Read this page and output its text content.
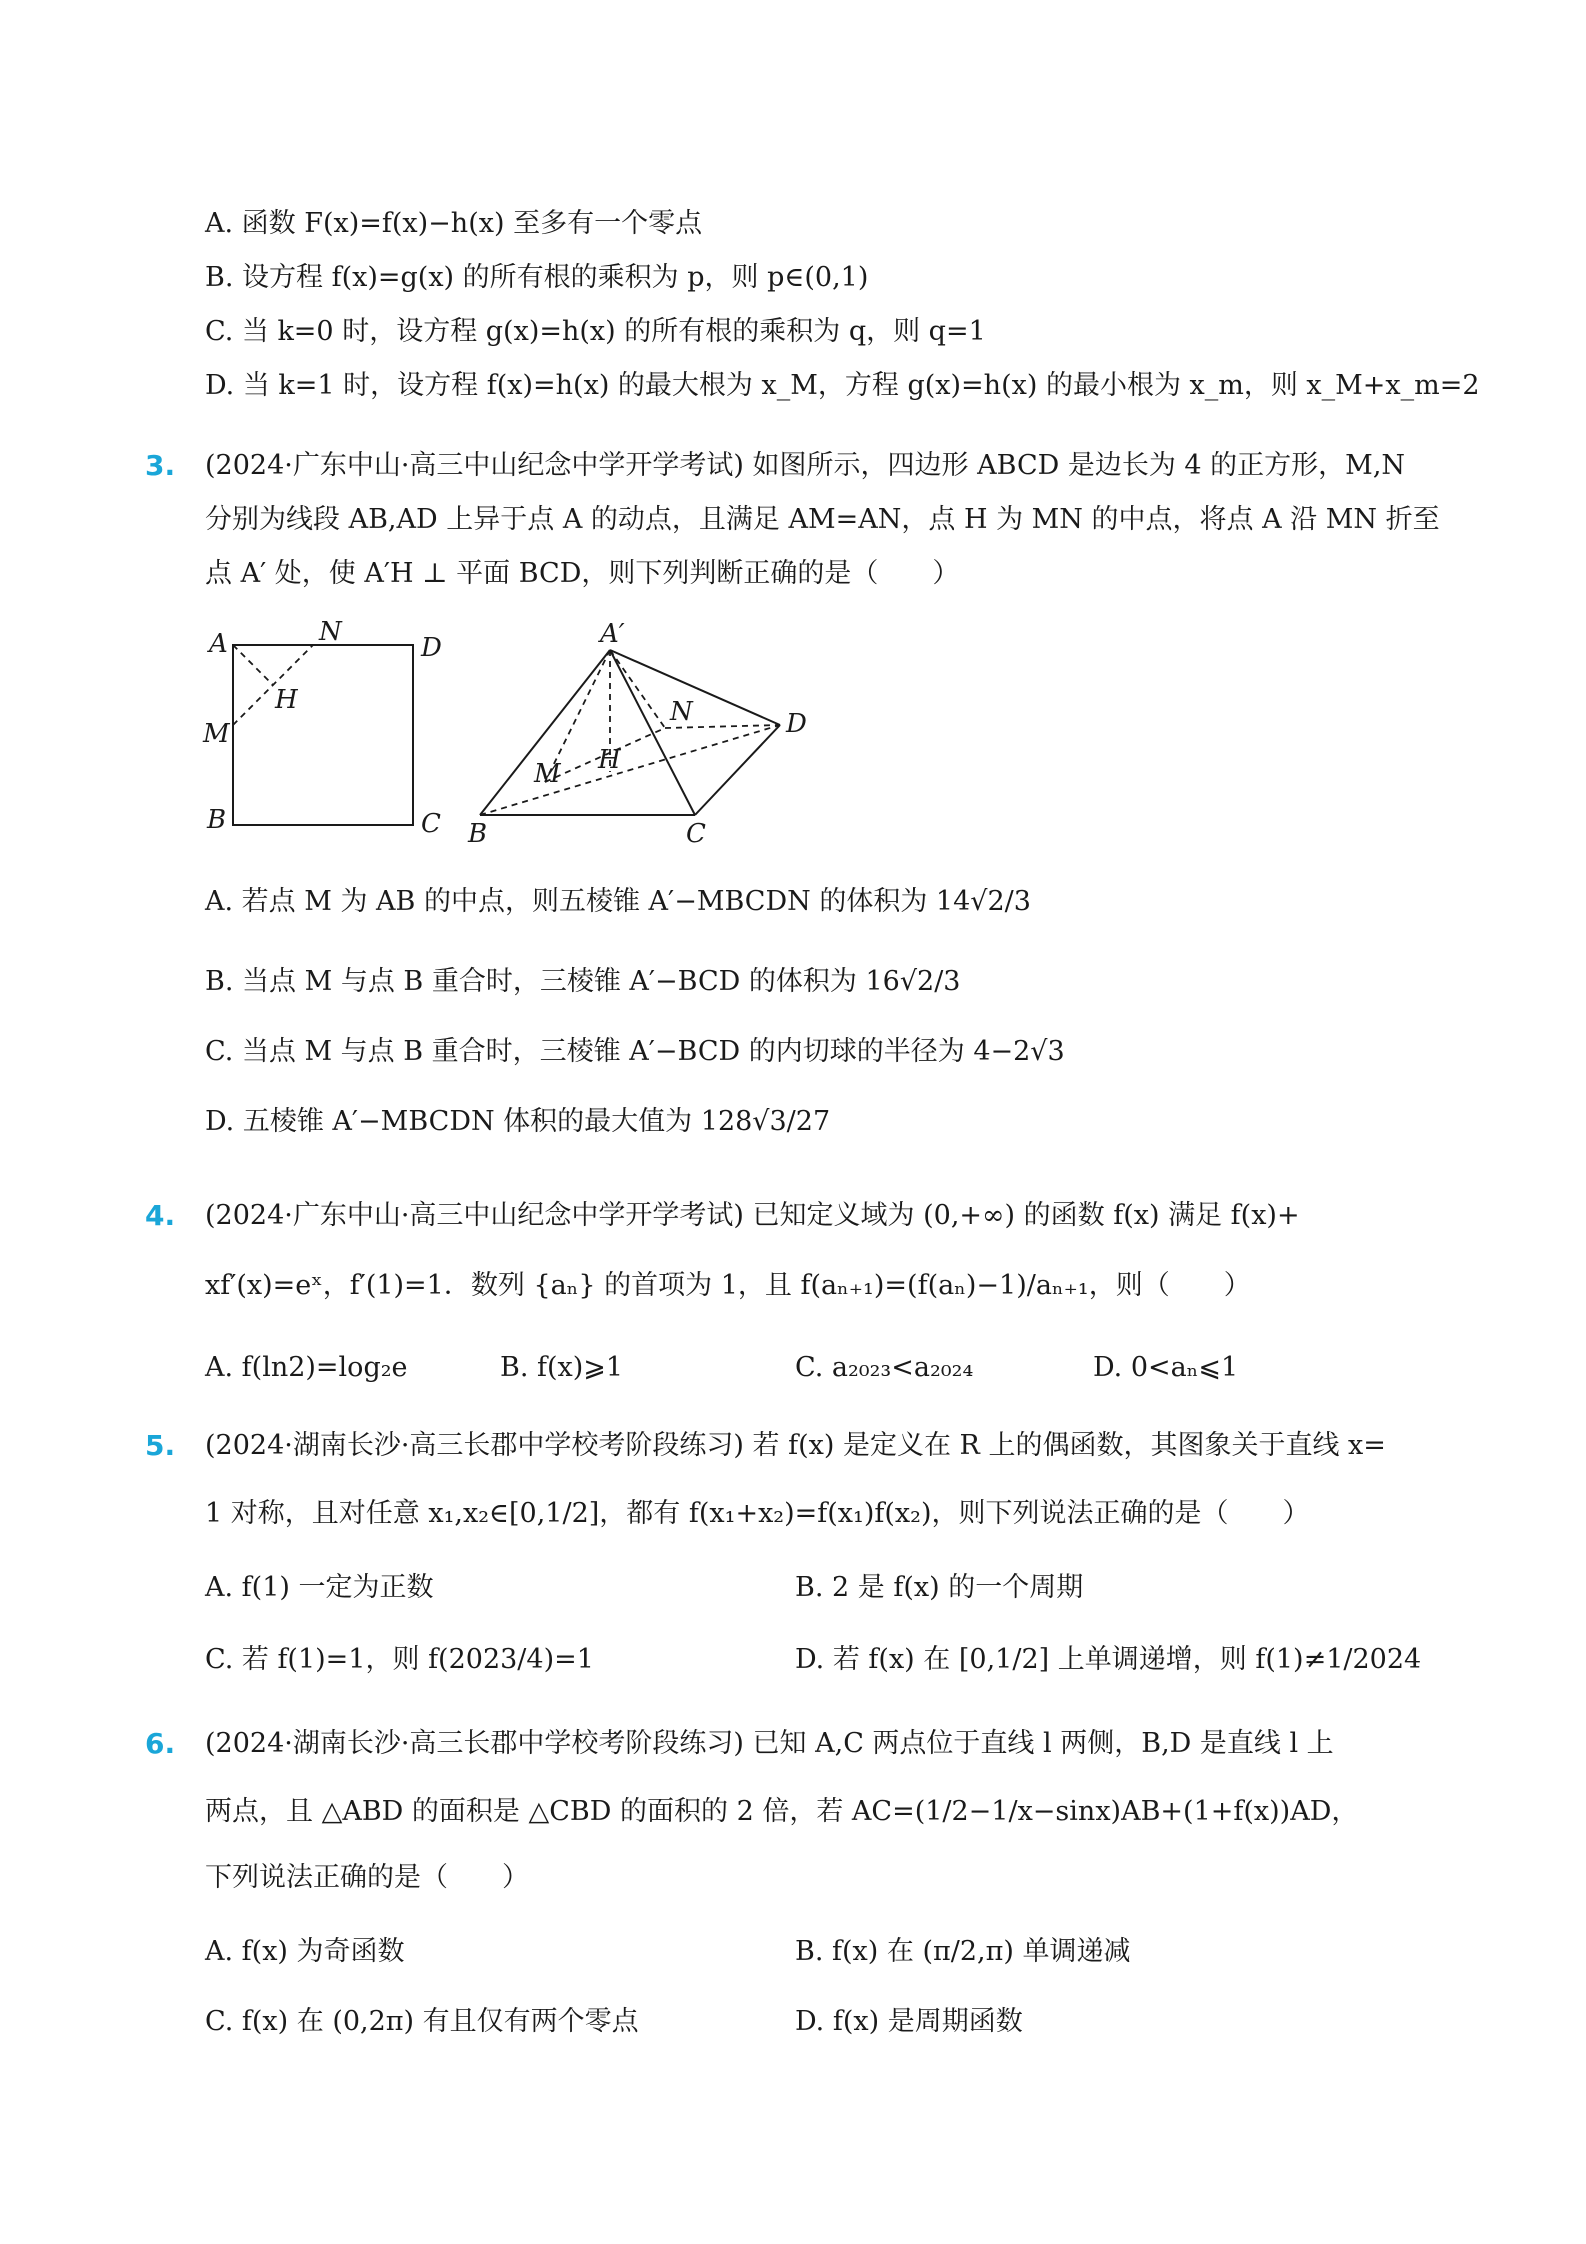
A. 函数 F(x)=f(x)−h(x) 至多有一个零点
B. 设方程 f(x)=g(x) 的所有根的乘积为 p，则 p∈(0,1)
C. 当 k=0 时，设方程 g(x)=h(x) 的所有根的乘积为 q，则 q=1
D. 当 k=1 时，设方程 f(x)=h(x) 的最大根为 x_M，方程 g(x)=h(x) 的最小根为 x_m，则 x_M+x_m=2
3. (2024·广东中山·高三中山纪念中学开学考试) 如图所示，四边形 ABCD 是边长为 4 的正方形，M,N
分别为线段 AB,AD 上异于点 A 的动点，且满足 AM=AN，点 H 为 MN 的中点，将点 A 沿 MN 折至
点 A′ 处，使 A′H ⊥ 平面 BCD，则下列判断正确的是（　　）
A	N
D
H
M
B	C
A′
N	D
H
M
B	C
A. 若点 M 为 AB 的中点，则五棱锥 A′−MBCDN 的体积为 14√2/3
B. 当点 M 与点 B 重合时，三棱锥 A′−BCD 的体积为 16√2/3
C. 当点 M 与点 B 重合时，三棱锥 A′−BCD 的内切球的半径为 4−2√3
D. 五棱锥 A′−MBCDN 体积的最大值为 128√3/27
4. (2024·广东中山·高三中山纪念中学开学考试) 已知定义域为 (0,+∞) 的函数 f(x) 满足 f(x)+
xf′(x)=eˣ，f′(1)=1．数列 {aₙ} 的首项为 1，且 f(aₙ₊₁)=(f(aₙ)−1)/aₙ₊₁，则（　　）
A. f(ln2)=log₂e	B. f(x)⩾1	C. a₂₀₂₃<a₂₀₂₄	D. 0<aₙ⩽1
5. (2024·湖南长沙·高三长郡中学校考阶段练习) 若 f(x) 是定义在 R 上的偶函数，其图象关于直线 x=
1 对称，且对任意 x₁,x₂∈[0,1/2]，都有 f(x₁+x₂)=f(x₁)f(x₂)，则下列说法正确的是（　　）
A. f(1) 一定为正数	B. 2 是 f(x) 的一个周期
C. 若 f(1)=1，则 f(2023/4)=1	D. 若 f(x) 在 [0,1/2] 上单调递增，则 f(1)≠1/2024
6. (2024·湖南长沙·高三长郡中学校考阶段练习) 已知 A,C 两点位于直线 l 两侧，B,D 是直线 l 上
两点，且 △ABD 的面积是 △CBD 的面积的 2 倍，若 AC=(1/2−1/x−sinx)AB+(1+f(x))AD，
下列说法正确的是（　　）
A. f(x) 为奇函数	B. f(x) 在 (π/2,π) 单调递减
C. f(x) 在 (0,2π) 有且仅有两个零点	D. f(x) 是周期函数
